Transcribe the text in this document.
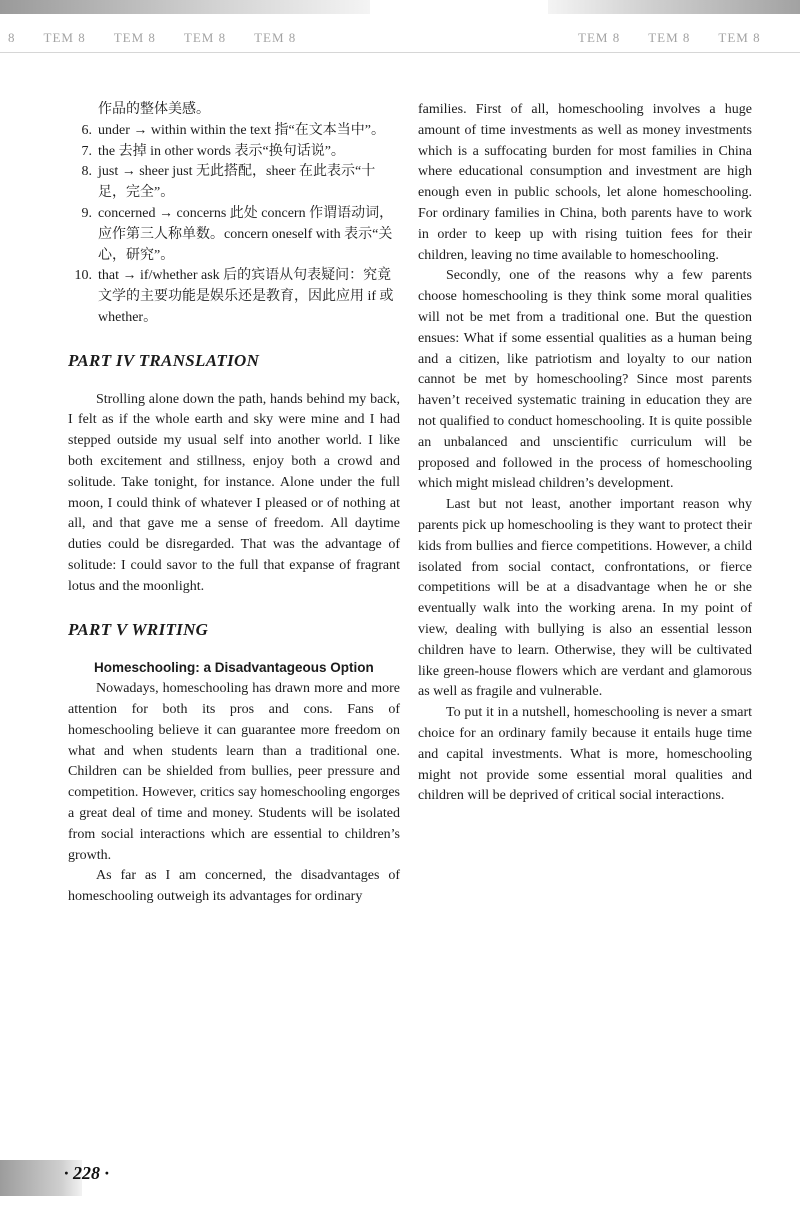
8 TEM 8 TEM 8 TEM 8 TEM 8	TEM 8 TEM 8 TEM 8
作品的整体美感。
6. under → within within the text 指“在文本当中”。
7. the 去掉 in other words 表示“换句话说”。
8. just → sheer just 无此搭配，sheer 在此表示“十足，完全”。
9. concerned → concerns 此处 concern 作谓语动词，应作第三人称单数。concern oneself with 表示“关心，研究”。
10. that → if/whether ask 后的宾语从句表疑问：究竟文学的主要功能是娱乐还是教育，因此应用 if 或 whether。
PART IV TRANSLATION

Strolling alone down the path, hands behind my back, I felt as if the whole earth and sky were mine and I had stepped outside my usual self into another world. I like both excitement and stillness, enjoy both a crowd and solitude. Take tonight, for instance. Alone under the full moon, I could think of whatever I pleased or of nothing at all, and that gave me a sense of freedom. All daytime duties could be disregarded. That was the advantage of solitude: I could savor to the full that expanse of fragrant lotus and the moonlight.

PART V WRITING
Homeschooling: a Disadvantageous Option

Nowadays, homeschooling has drawn more and more attention for both its pros and cons. Fans of homeschooling believe it can guarantee more freedom on what and when students learn than a traditional one. Children can be shielded from bullies, peer pressure and competition. However, critics say homeschooling engorges a great deal of time and money. Students will be isolated from social interactions which are essential to children’s growth.

As far as I am concerned, the disadvantages of homeschooling outweigh its advantages for ordinary

families. First of all, homeschooling involves a huge amount of time investments as well as money investments which is a suffocating burden for most families in China where educational consumption and investment are high enough even in public schools, let alone homeschooling. For ordinary families in China, both parents have to work in order to keep up with rising tuition fees for their children, leaving no time available to homeschooling.

Secondly, one of the reasons why a few parents choose homeschooling is they think some moral qualities will not be met from a traditional one. But the question ensues: What if some essential qualities as a human being and a citizen, like patriotism and loyalty to our nation cannot be met by homeschooling? Since most parents haven’t received systematic training in education they are not qualified to conduct homeschooling. It is quite possible an unbalanced and unscientific curriculum will be proposed and followed in the process of homeschooling which might mislead children’s development.

Last but not least, another important reason why parents pick up homeschooling is they want to protect their kids from bullies and fierce competitions. However, a child isolated from social contact, confrontations, or fierce competitions will be at a disadvantage when he or she eventually walk into the working arena. In my point of view, dealing with bullying is also an essential lesson children have to learn. Otherwise, they will be cultivated like green-house flowers which are verdant and glamorous as well as fragile and vulnerable.

To put it in a nutshell, homeschooling is never a smart choice for an ordinary family because it entails huge time and capital investments. What is more, homeschooling might not provide some essential moral qualities and children will be deprived of critical social interactions.

· 228 ·
